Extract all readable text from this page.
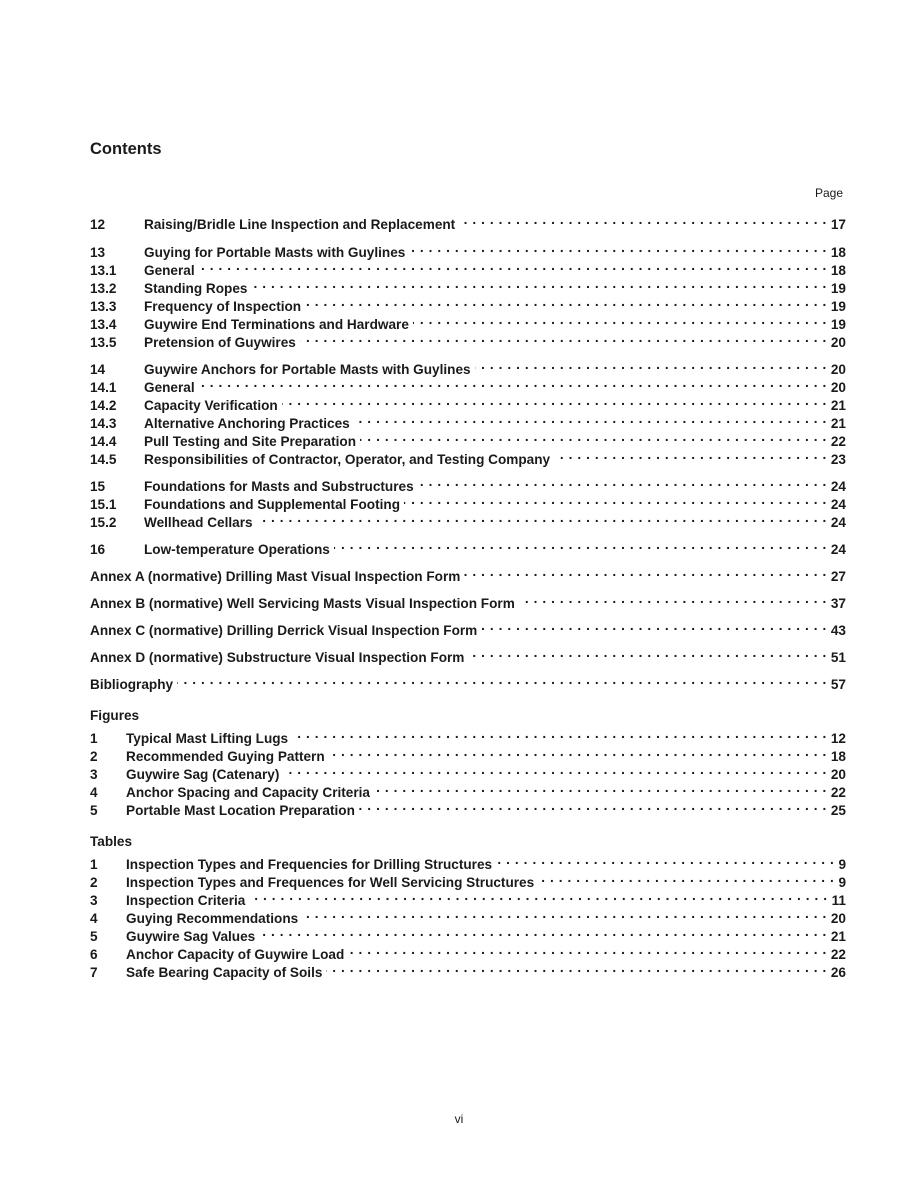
Contents
Page
12	Raising/Bridle Line Inspection and Replacement . . .	17
13	Guying for Portable Masts with Guylines . . .	18
13.1	General . . .	18
13.2	Standing Ropes . . .	19
13.3	Frequency of Inspection . . .	19
13.4	Guywire End Terminations and Hardware . . .	19
13.5	Pretension of Guywires . . .	20
14	Guywire Anchors for Portable Masts with Guylines . . .	20
14.1	General . . .	20
14.2	Capacity Verification . . .	21
14.3	Alternative Anchoring Practices . . .	21
14.4	Pull Testing and Site Preparation . . .	22
14.5	Responsibilities of Contractor, Operator, and Testing Company . . .	23
15	Foundations for Masts and Substructures . . .	24
15.1	Foundations and Supplemental Footing . . .	24
15.2	Wellhead Cellars . . .	24
16	Low-temperature Operations . . .	24
Annex A (normative) Drilling Mast Visual Inspection Form . . .	27
Annex B (normative) Well Servicing Masts Visual Inspection Form . . .	37
Annex C (normative) Drilling Derrick Visual Inspection Form . . .	43
Annex D (normative) Substructure Visual Inspection Form . . .	51
Bibliography . . .	57
Figures
1	Typical Mast Lifting Lugs . . .	12
2	Recommended Guying Pattern . . .	18
3	Guywire Sag (Catenary) . . .	20
4	Anchor Spacing and Capacity Criteria . . .	22
5	Portable Mast Location Preparation . . .	25
Tables
1	Inspection Types and Frequencies for Drilling Structures . . .	9
2	Inspection Types and Frequences for Well Servicing Structures . . .	9
3	Inspection Criteria . . .	11
4	Guying Recommendations . . .	20
5	Guywire Sag Values . . .	21
6	Anchor Capacity of Guywire Load . . .	22
7	Safe Bearing Capacity of Soils . . .	26
vi
